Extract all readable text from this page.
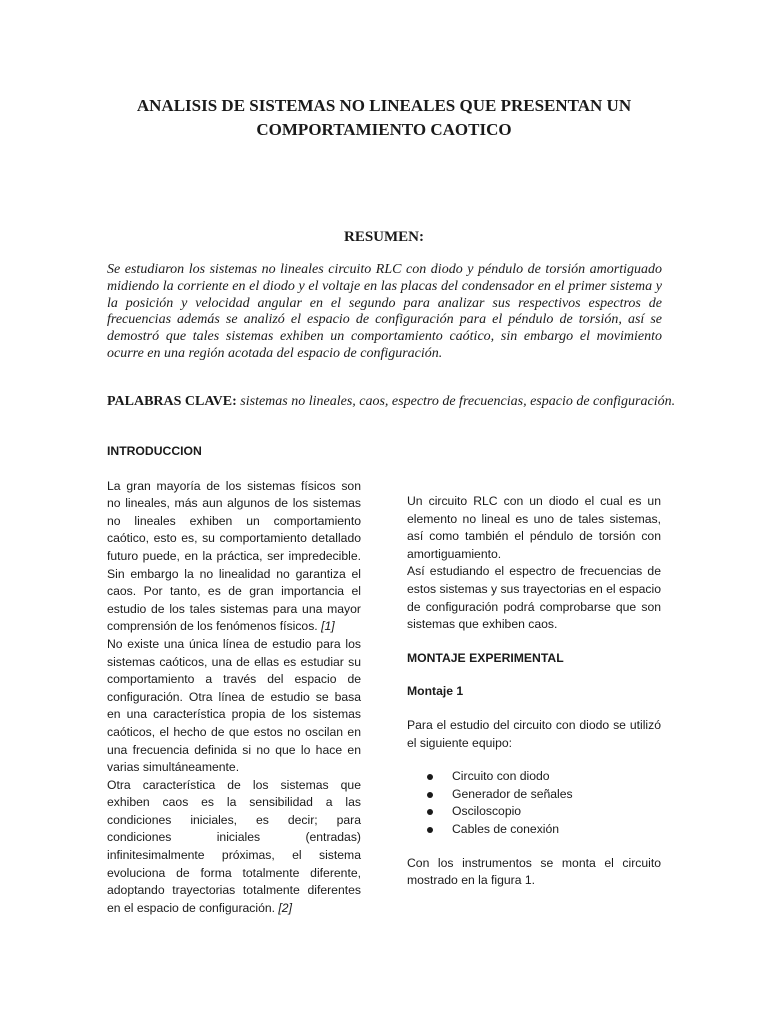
ANALISIS DE SISTEMAS NO LINEALES QUE PRESENTAN UN
COMPORTAMIENTO CAOTICO
RESUMEN:

Se estudiaron los sistemas no lineales circuito RLC con diodo y péndulo de torsión amortiguado midiendo la corriente en el diodo y el voltaje en las placas del condensador en el primer sistema y la posición y velocidad angular en el segundo para analizar sus respectivos espectros de frecuencias además se analizó el espacio de configuración para el péndulo de torsión, así se demostró que tales sistemas exhiben un comportamiento caótico, sin embargo el movimiento ocurre en una región acotada del espacio de configuración.

PALABRAS CLAVE: sistemas no lineales, caos, espectro de frecuencias, espacio de configuración.

INTRODUCCION

La gran mayoría de los sistemas físicos son no lineales, más aun algunos de los sistemas no lineales exhiben un comportamiento caótico, esto es, su comportamiento detallado futuro puede, en la práctica, ser impredecible. Sin embargo la no linealidad no garantiza el caos. Por tanto, es de gran importancia el estudio de los tales sistemas para una mayor comprensión de los fenómenos físicos. [1]

No existe una única línea de estudio para los sistemas caóticos, una de ellas es estudiar su comportamiento a través del espacio de configuración. Otra línea de estudio se basa en una característica propia de los sistemas caóticos, el hecho de que estos no oscilan en una frecuencia definida si no que lo hace en varias simultáneamente.

Otra característica de los sistemas que exhiben caos es la sensibilidad a las condiciones iniciales, es decir; para condiciones iniciales (entradas) infinitesimalmente próximas, el sistema evoluciona de forma totalmente diferente, adoptando trayectorias totalmente diferentes en el espacio de configuración. [2]

Un circuito RLC con un diodo el cual es un elemento no lineal es uno de tales sistemas, así como también el péndulo de torsión con amortiguamiento.

Así estudiando el espectro de frecuencias de estos sistemas y sus trayectorias en el espacio de configuración podrá comprobarse que son sistemas que exhiben caos.

MONTAJE EXPERIMENTAL

Montaje 1

Para el estudio del circuito con diodo se utilizó el siguiente equipo:

Circuito con diodo
Generador de señales
Osciloscopio
Cables de conexión

Con los instrumentos se monta el circuito mostrado en la figura 1.
